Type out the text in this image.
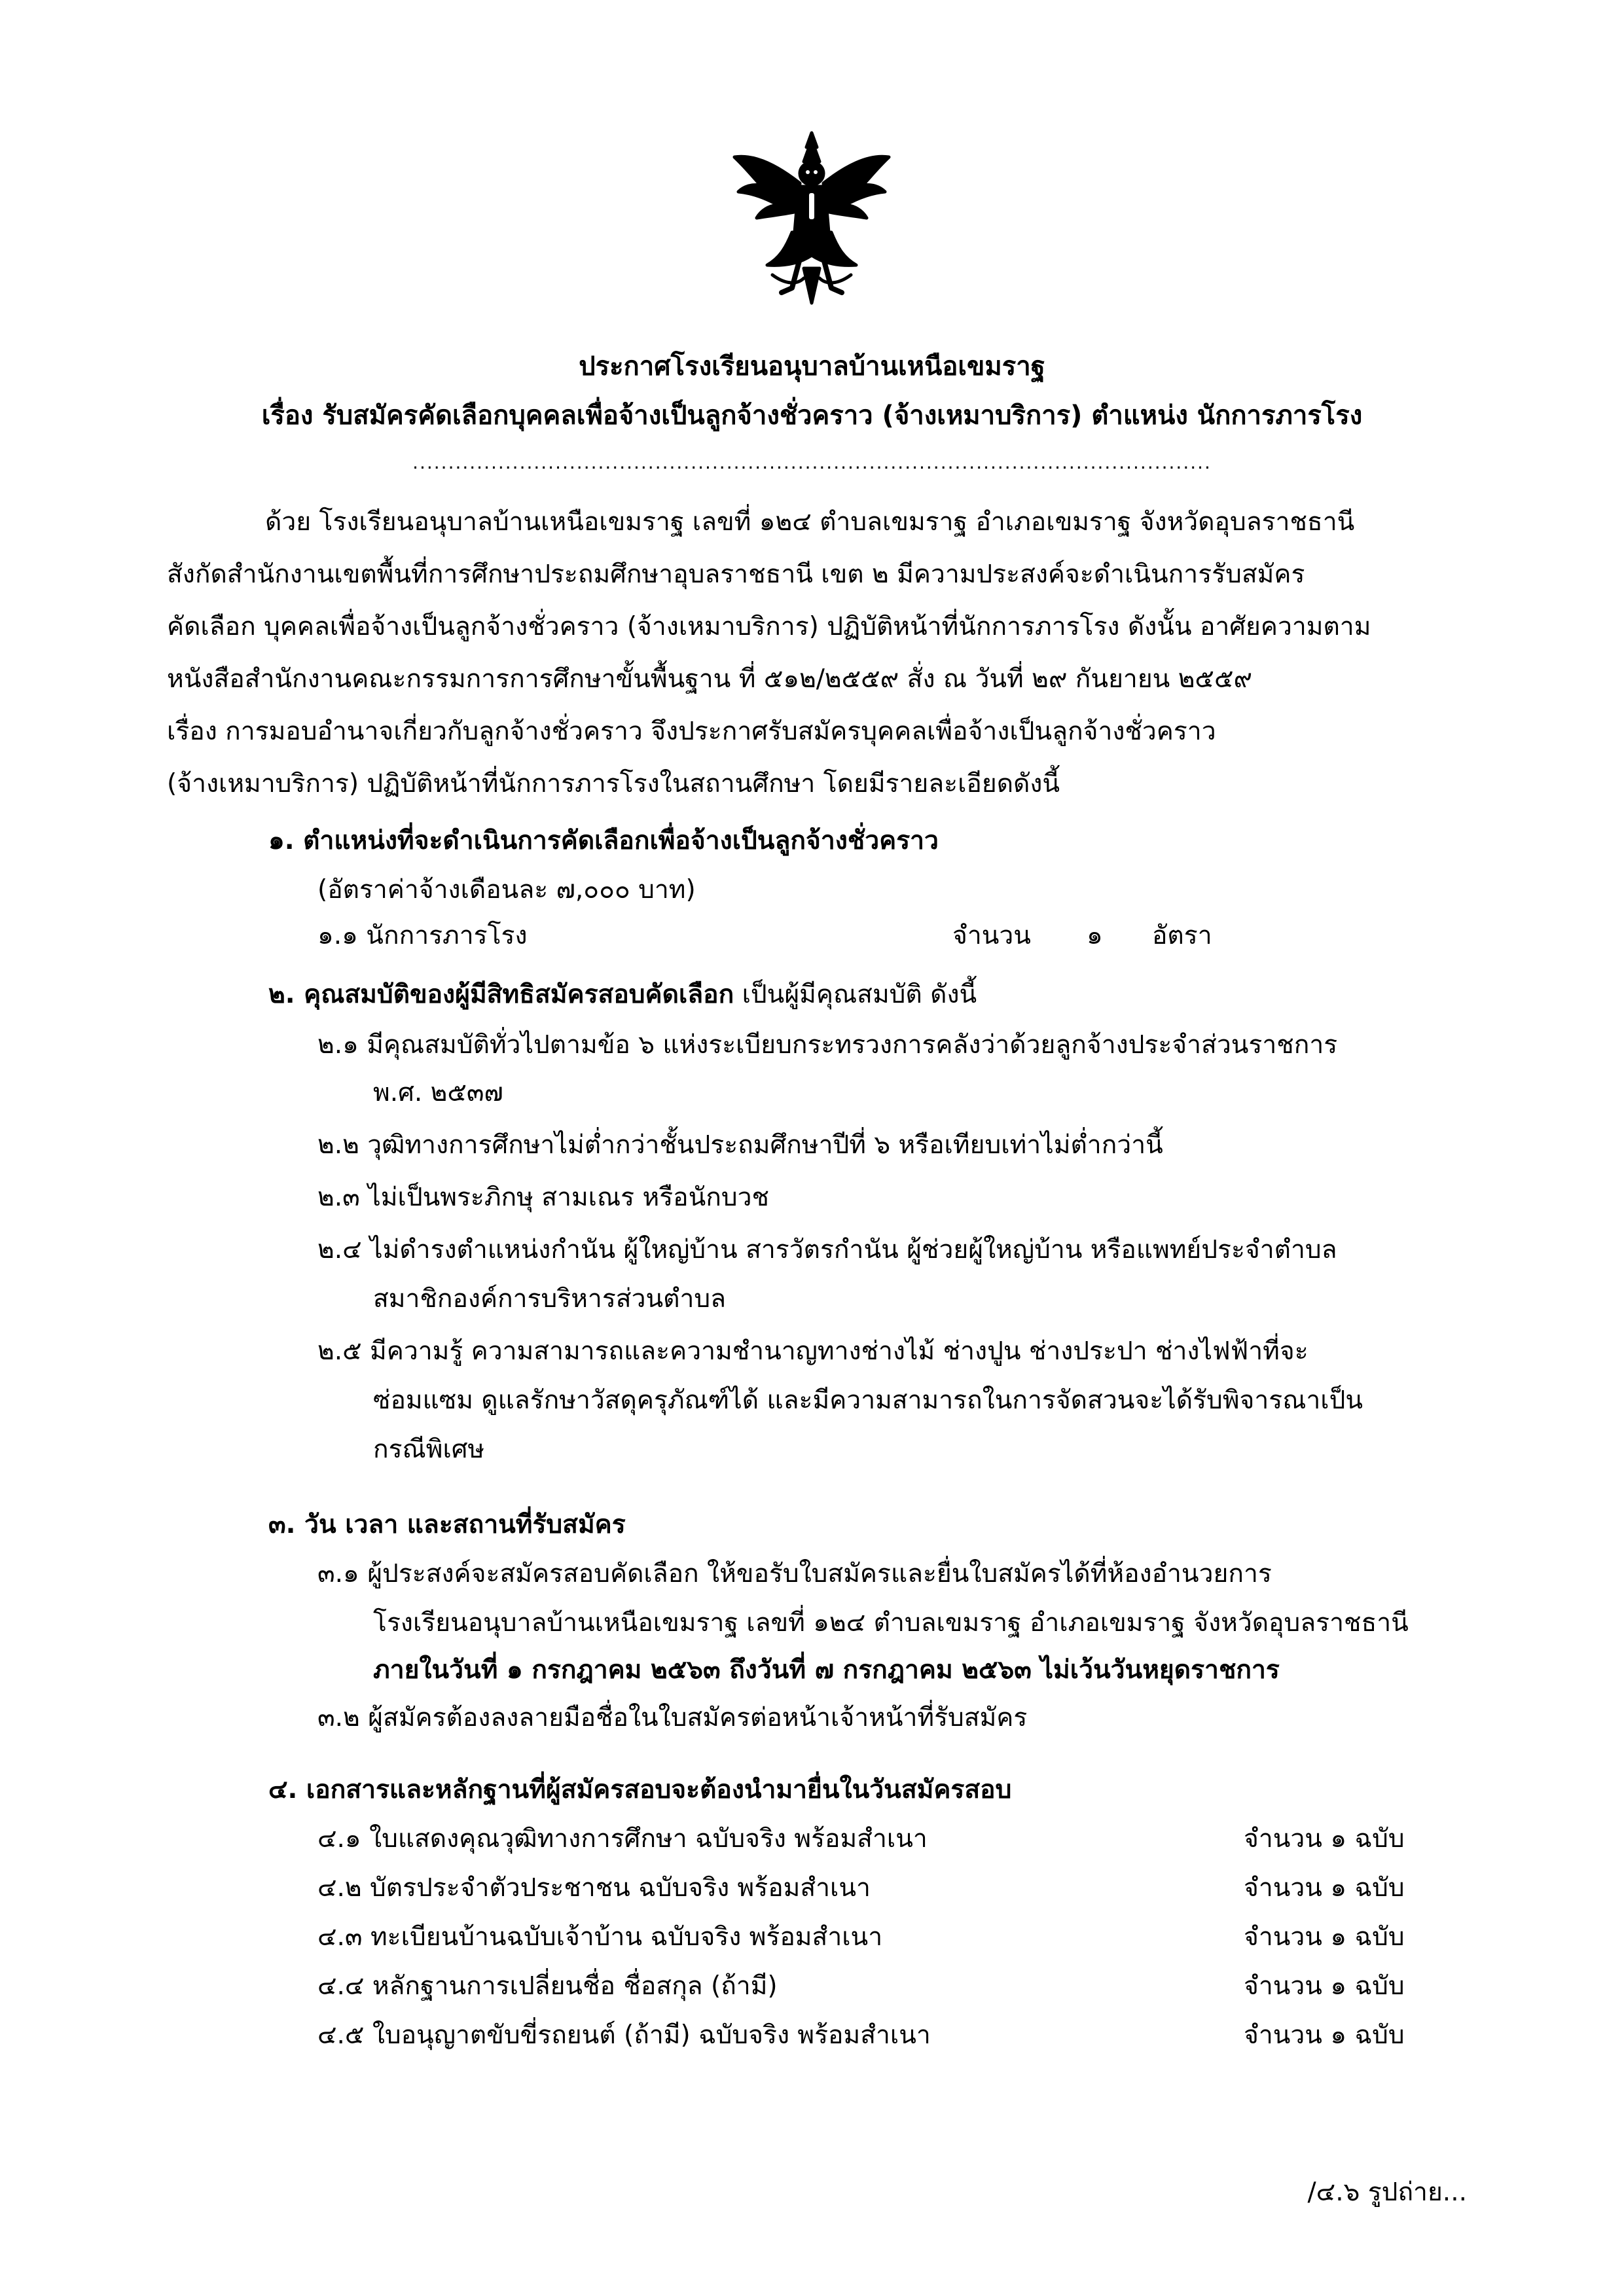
ประกาศโรงเรียนอนุบาลบ้านเหนือเขมราฐ
เรื่อง รับสมัครคัดเลือกบุคคลเพื่อจ้างเป็นลูกจ้างชั่วคราว (จ้างเหมาบริการ) ตำแหน่ง นักการภารโรง
................................................................................................................
ด้วย โรงเรียนอนุบาลบ้านเหนือเขมราฐ เลขที่ ๑๒๔ ตำบลเขมราฐ อำเภอเขมราฐ จังหวัดอุบลราชธานี
สังกัดสำนักงานเขตพื้นที่การศึกษาประถมศึกษาอุบลราชธานี เขต ๒ มีความประสงค์จะดำเนินการรับสมัคร
คัดเลือก บุคคลเพื่อจ้างเป็นลูกจ้างชั่วคราว (จ้างเหมาบริการ) ปฏิบัติหน้าที่นักการภารโรง ดังนั้น อาศัยความตาม
หนังสือสำนักงานคณะกรรมการการศึกษาขั้นพื้นฐาน ที่ ๕๑๒/๒๕๕๙ สั่ง ณ วันที่ ๒๙ กันยายน ๒๕๕๙
เรื่อง การมอบอำนาจเกี่ยวกับลูกจ้างชั่วคราว จึงประกาศรับสมัครบุคคลเพื่อจ้างเป็นลูกจ้างชั่วคราว
(จ้างเหมาบริการ) ปฏิบัติหน้าที่นักการภารโรงในสถานศึกษา โดยมีรายละเอียดดังนี้
๑. ตำแหน่งที่จะดำเนินการคัดเลือกเพื่อจ้างเป็นลูกจ้างชั่วคราว
(อัตราค่าจ้างเดือนละ ๗,๐๐๐ บาท)
๑.๑ นักการภารโรง	จำนวน ๑ อัตรา
๒. คุณสมบัติของผู้มีสิทธิสมัครสอบคัดเลือก เป็นผู้มีคุณสมบัติ ดังนี้
๒.๑ มีคุณสมบัติทั่วไปตามข้อ ๖ แห่งระเบียบกระทรวงการคลังว่าด้วยลูกจ้างประจำส่วนราชการ
พ.ศ. ๒๕๓๗
๒.๒ วุฒิทางการศึกษาไม่ต่ำกว่าชั้นประถมศึกษาปีที่ ๖ หรือเทียบเท่าไม่ต่ำกว่านี้
๒.๓ ไม่เป็นพระภิกษุ สามเณร หรือนักบวช
๒.๔ ไม่ดำรงตำแหน่งกำนัน ผู้ใหญ่บ้าน สารวัตรกำนัน ผู้ช่วยผู้ใหญ่บ้าน หรือแพทย์ประจำตำบล
สมาชิกองค์การบริหารส่วนตำบล
๒.๕ มีความรู้ ความสามารถและความชำนาญทางช่างไม้ ช่างปูน ช่างประปา ช่างไฟฟ้าที่จะ
ซ่อมแซม ดูแลรักษาวัสดุครุภัณฑ์ได้ และมีความสามารถในการจัดสวนจะได้รับพิจารณาเป็น
กรณีพิเศษ
๓. วัน เวลา และสถานที่รับสมัคร
๓.๑ ผู้ประสงค์จะสมัครสอบคัดเลือก ให้ขอรับใบสมัครและยื่นใบสมัครได้ที่ห้องอำนวยการ
โรงเรียนอนุบาลบ้านเหนือเขมราฐ เลขที่ ๑๒๔ ตำบลเขมราฐ อำเภอเขมราฐ จังหวัดอุบลราชธานี
ภายในวันที่ ๑ กรกฎาคม ๒๕๖๓ ถึงวันที่ ๗ กรกฎาคม ๒๕๖๓ ไม่เว้นวันหยุดราชการ
๓.๒ ผู้สมัครต้องลงลายมือชื่อในใบสมัครต่อหน้าเจ้าหน้าที่รับสมัคร
๔. เอกสารและหลักฐานที่ผู้สมัครสอบจะต้องนำมายื่นในวันสมัครสอบ
๔.๑ ใบแสดงคุณวุฒิทางการศึกษา ฉบับจริง พร้อมสำเนา	จำนวน ๑ ฉบับ
๔.๒ บัตรประจำตัวประชาชน ฉบับจริง พร้อมสำเนา	จำนวน ๑ ฉบับ
๔.๓ ทะเบียนบ้านฉบับเจ้าบ้าน ฉบับจริง พร้อมสำเนา	จำนวน ๑ ฉบับ
๔.๔ หลักฐานการเปลี่ยนชื่อ ชื่อสกุล (ถ้ามี)	จำนวน ๑ ฉบับ
๔.๕ ใบอนุญาตขับขี่รถยนต์ (ถ้ามี) ฉบับจริง พร้อมสำเนา	จำนวน ๑ ฉบับ
/๔.๖ รูปถ่าย...
